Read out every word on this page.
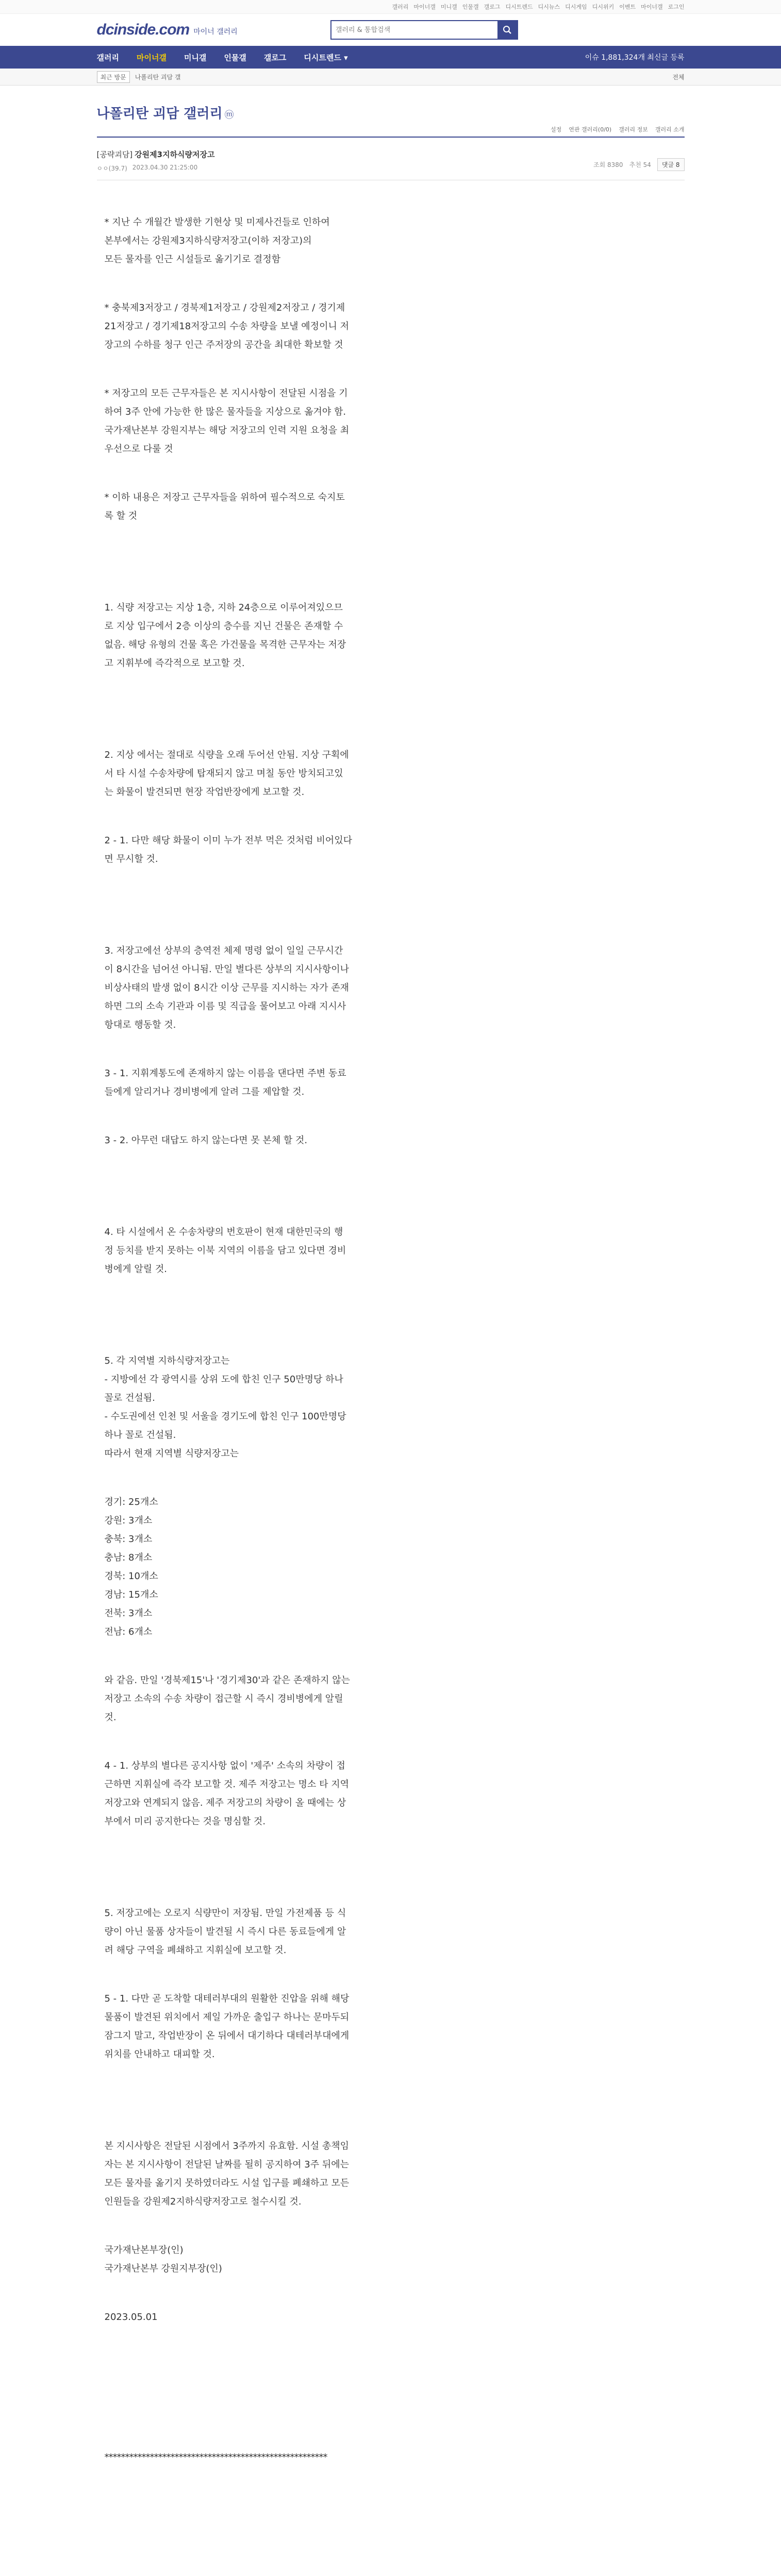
갤러리 마이너갤 미니갤 인물갤 갤로그 디시트렌드 디시뉴스 디시게임 디시위키 이벤트 마이너갤 로그인
dcinside.com 마이너 갤러리
갤러리 & 통합검색
갤러리 마이너갤 미니갤 인물갤 갤로그 디시트렌드 ▾	이슈 1,881,324개 최신글 등록
최근 방문	나폴리탄 괴담 갤	전체
나폴리탄 괴담 갤러리 ⓜ
설정 연관 갤러리(0/0) 갤러리 정보 갤러리 소개
[공략괴담] 강원제3지하식량저장고
ㅇㅇ(39.7) 2023.04.30 21:25:00	조회 8380 추천 54	댓글 8

* 지난 수 개월간 발생한 기현상 및 미제사건들로 인하여
본부에서는 강원제3지하식량저장고(이하 저장고)의
모든 물자를 인근 시설들로 옮기기로 결정함

* 충북제3저장고 / 경북제1저장고 / 강원제2저장고 / 경기제
21저장고 / 경기제18저장고의 수송 차량을 보낼 예정이니 저
장고의 수하를 청구 인근 주저장의 공간을 최대한 확보할 것

* 저장고의 모든 근무자들은 본 지시사항이 전달된 시점을 기
하여 3주 안에 가능한 한 많은 물자들을 지상으로 옮겨야 함.
국가재난본부 강원지부는 해당 저장고의 인력 지원 요청을 최
우선으로 다룰 것

* 이하 내용은 저장고 근무자들을 위하여 필수적으로 숙지토
록 할 것

1. 식량 저장고는 지상 1층, 지하 24층으로 이루어져있으므
로 지상 입구에서 2층 이상의 층수를 지닌 건물은 존재할 수
없음. 해당 유형의 건물 혹은 가건물을 목격한 근무자는 저장
고 지휘부에 즉각적으로 보고할 것.

2. 지상 에서는 절대로 식량을 오래 두어선 안됨. 지상 구획에
서 타 시설 수송차량에 탑재되지 않고 며칠 동안 방치되고있
는 화물이 발견되면 현장 작업반장에게 보고할 것.

2 - 1. 다만 해당 화물이 이미 누가 전부 먹은 것처럼 비어있다
면 무시할 것.

3. 저장고에선 상부의 층역전 체제 명령 없이 일일 근무시간
이 8시간을 넘어선 아니됨. 만일 별다른 상부의 지시사항이나
비상사태의 발생 없이 8시간 이상 근무를 지시하는 자가 존재
하면 그의 소속 기관과 이름 및 직급을 물어보고 아래 지시사
항대로 행동할 것.

3 - 1. 지휘계통도에 존재하지 않는 이름을 댄다면 주변 동료
들에게 알리거나 경비병에게 알려 그를 제압할 것.

3 - 2. 아무런 대답도 하지 않는다면 못 본체 할 것.

4. 타 시설에서 온 수송차량의 번호판이 현재 대한민국의 행
정 등치를 받지 못하는 이북 지역의 이름을 담고 있다면 경비
병에게 알릴 것.

5. 각 지역별 지하식량저장고는
- 지방에선 각 광역시를 상위 도에 합친 인구 50만명당 하나
꼴로 건설됨.
- 수도권에선 인천 및 서울을 경기도에 합친 인구 100만명당
하나 꼴로 건설됨.
따라서 현재 지역별 식량저장고는

경기: 25개소
강원: 3개소
충북: 3개소
충남: 8개소
경북: 10개소
경남: 15개소
전북: 3개소
전남: 6개소

와 같음. 만일 '경북제15'나 '경기제30'과 같은 존재하지 않는
저장고 소속의 수송 차량이 접근할 시 즉시 경비병에게 알릴
것.

4 - 1. 상부의 별다른 공지사항 없이 '제주' 소속의 차량이 접
근하면 지휘실에 즉각 보고할 것. 제주 저장고는 명소 타 지역
저장고와 연계되지 않음. 제주 저장고의 차량이 올 때에는 상
부에서 미리 공지한다는 것을 명심할 것.

5. 저장고에는 오로지 식량만이 저장됨. 만일 가전제품 등 식
량이 아닌 물품 상자들이 발견될 시 즉시 다른 동료들에게 알
려 해당 구역을 폐쇄하고 지휘실에 보고할 것.

5 - 1. 다만 곧 도착할 대테러부대의 원활한 진압을 위해 해당
물품이 발견된 위치에서 제일 가까운 출입구 하나는 문마두되
잠그지 말고, 작업반장이 온 뒤에서 대기하다 대테러부대에게
위치를 안내하고 대피할 것.

본 지시사항은 전달된 시점에서 3주까지 유효함. 시설 총책임
자는 본 지시사항이 전달된 날짜를 될히 공지하여 3주 뒤에는
모든 물자를 옮기지 못하였더라도 시설 입구를 폐쇄하고 모든
인원들을 강원제2지하식량저장고로 철수시킬 것.

국가재난본부장(인)
국가재난본부 강원지부장(인)

2023.05.01

******************************************************
